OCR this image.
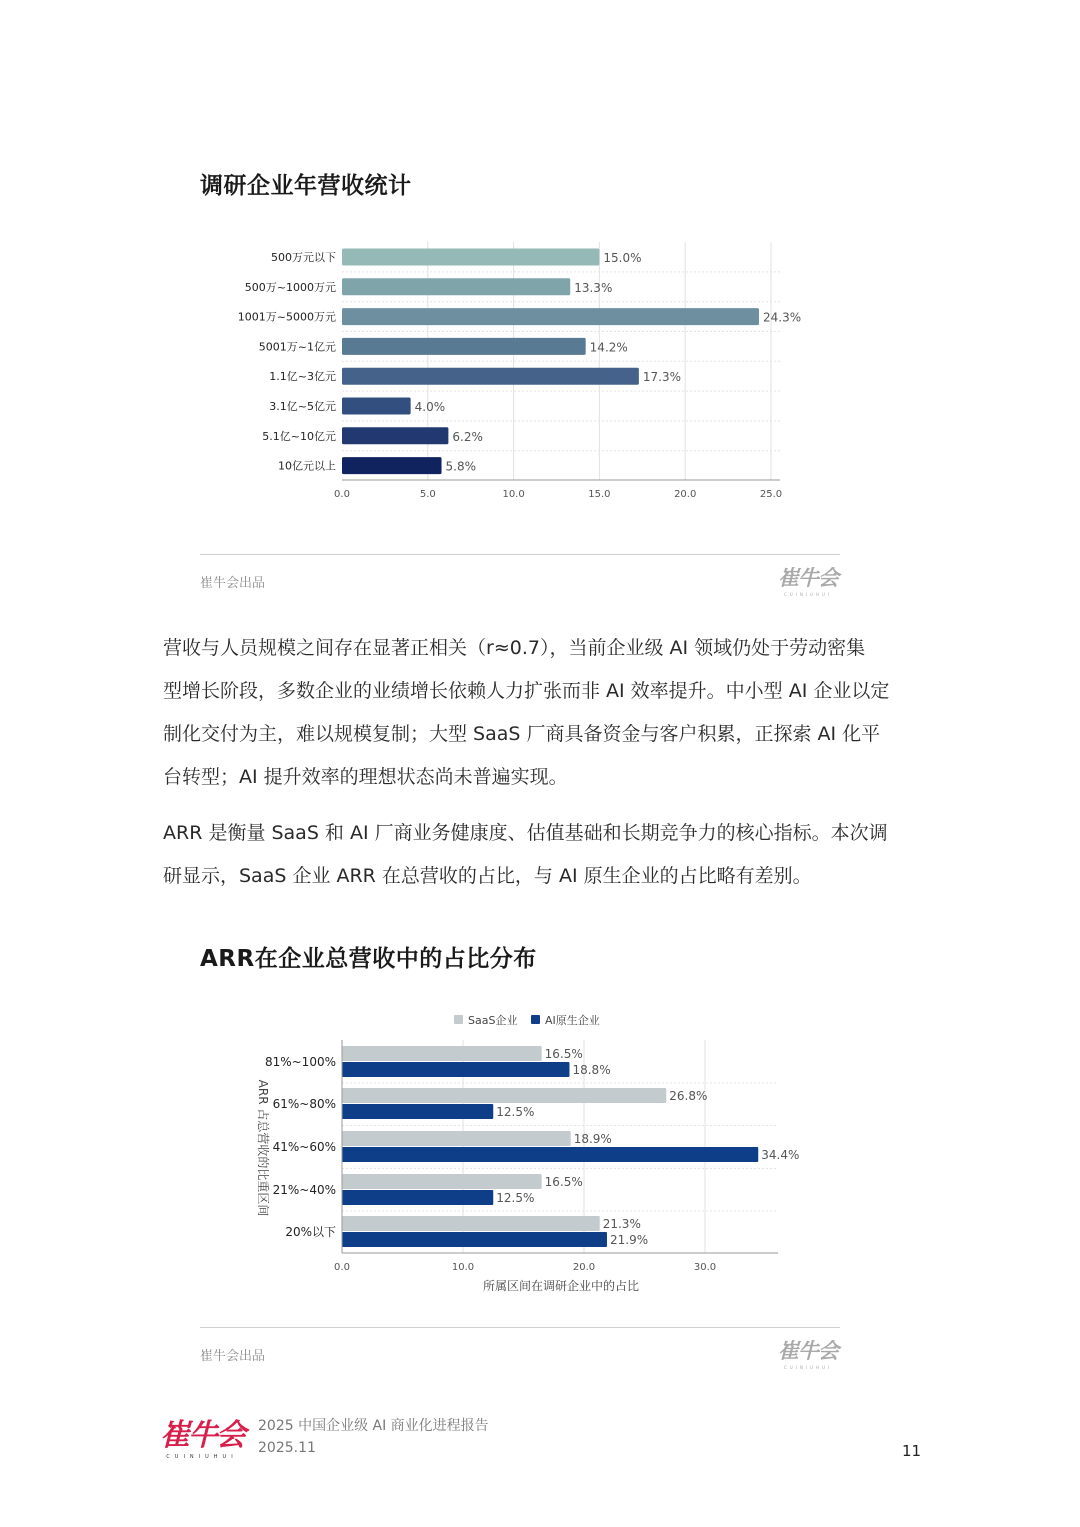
调研企业年营收统计
0.0	5.0	10.0	15.0	20.0	25.0
500万元以下	15.0%
500万~1000万元	13.3%
1001万~5000万元	24.3%
5001万~1亿元	14.2%
1.1亿~3亿元	17.3%
3.1亿~5亿元	4.0%
5.1亿~10亿元	6.2%
10亿元以上	5.8%
崔牛会出品	崔牛会
CUINIUHUI
营收与人员规模之间存在显著正相关（r≈0.7），当前企业级 AI 领域仍处于劳动密集
型增长阶段，多数企业的业绩增长依赖人力扩张而非 AI 效率提升。中小型 AI 企业以定
制化交付为主，难以规模复制；大型 SaaS 厂商具备资金与客户积累，正探索 AI 化平
台转型；AI 提升效率的理想状态尚未普遍实现。
ARR 是衡量 SaaS 和 AI 厂商业务健康度、估值基础和长期竞争力的核心指标。本次调
研显示，SaaS 企业 ARR 在总营收的占比，与 AI 原生企业的占比略有差别。
ARR在企业总营收中的占比分布
0.0	10.0	20.0	30.0
SaaS企业	AI原生企业
81%~100%
16.5%
18.8%
61%~80%
26.8%
12.5%
41%~60%
18.9%
34.4%
21%~40%
16.5%
12.5%
20%以下
21.3%
21.9%
所属区间在调研企业中的占比
ARR 占总营收的比重区间
崔牛会出品	崔牛会
CUINIUHUI
崔牛会
CUINIUHUI
2025 中国企业级 AI 商业化进程报告
2025.11	11
